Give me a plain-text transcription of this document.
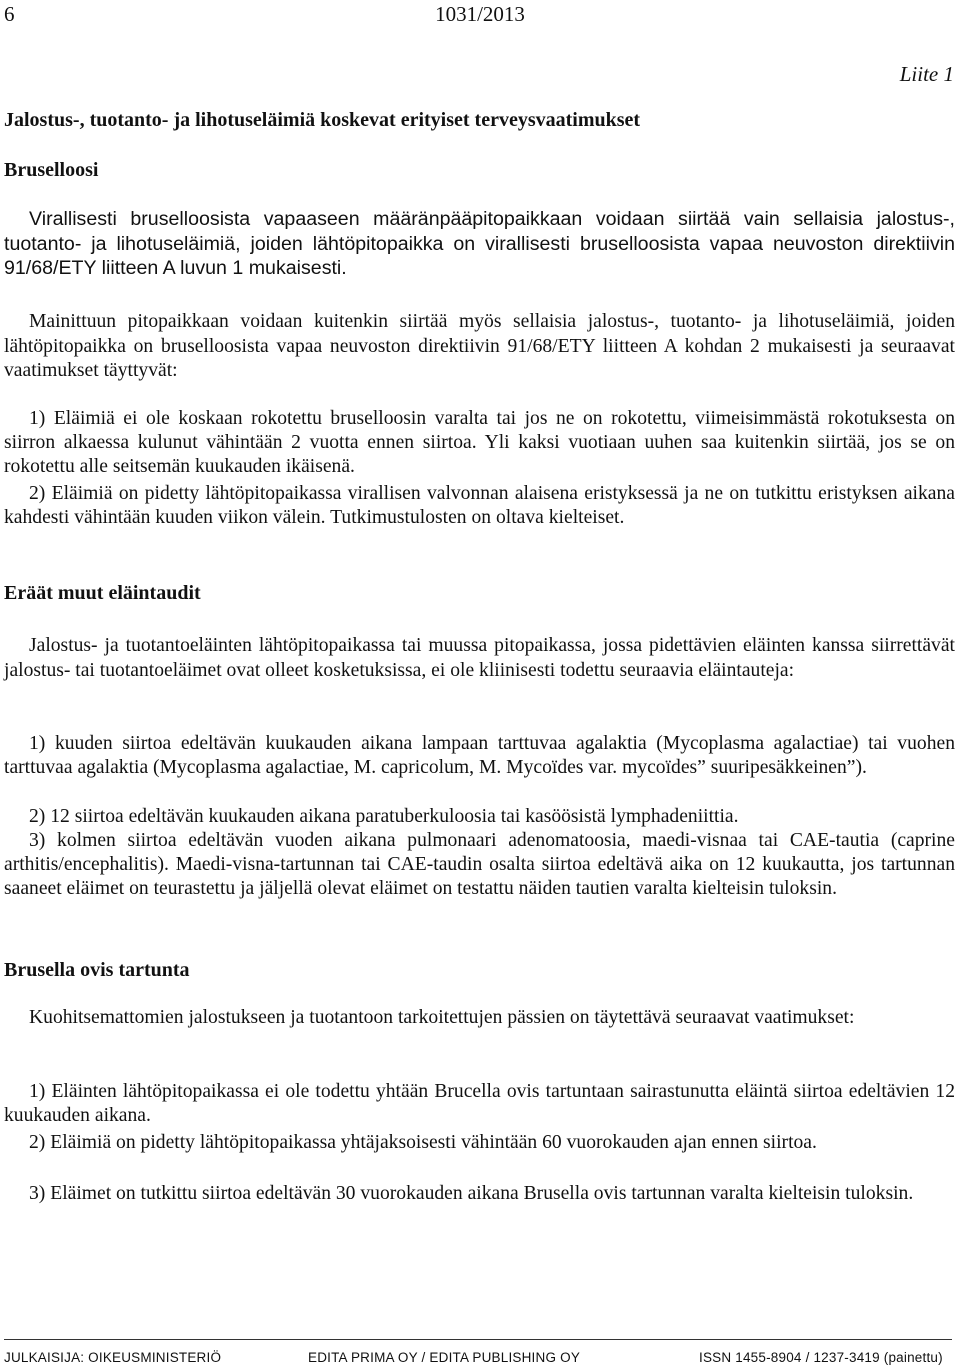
6	1031/2013
Liite 1
Jalostus-, tuotanto- ja lihotuseläimiä koskevat erityiset terveysvaatimukset
Bruselloosi

Virallisesti bruselloosista vapaaseen määränpääpitopaikkaan voidaan siirtää vain sellaisia jalostus-, tuotanto- ja lihotuseläimiä, joiden lähtöpitopaikka on virallisesti bruselloosista vapaa neuvoston direktiivin 91/68/ETY liitteen A luvun 1 mukaisesti.

Mainittuun pitopaikkaan voidaan kuitenkin siirtää myös sellaisia jalostus-, tuotanto- ja lihotuseläimiä, joiden lähtöpitopaikka on bruselloosista vapaa neuvoston direktiivin 91/68/ETY liitteen A kohdan 2 mukaisesti ja seuraavat vaatimukset täyttyvät:

1) Eläimiä ei ole koskaan rokotettu bruselloosin varalta tai jos ne on rokotettu, viimeisimmästä rokotuksesta on siirron alkaessa kulunut vähintään 2 vuotta ennen siirtoa. Yli kaksi vuotiaan uuhen saa kuitenkin siirtää, jos se on rokotettu alle seitsemän kuukauden ikäisenä.

2) Eläimiä on pidetty lähtöpitopaikassa virallisen valvonnan alaisena eristyksessä ja ne on tutkittu eristyksen aikana kahdesti vähintään kuuden viikon välein. Tutkimustulosten on oltava kielteiset.

Eräät muut eläintaudit

Jalostus- ja tuotantoeläinten lähtöpitopaikassa tai muussa pitopaikassa, jossa pidettävien eläinten kanssa siirrettävät jalostus- tai tuotantoeläimet ovat olleet kosketuksissa, ei ole kliinisesti todettu seuraavia eläintauteja:

1) kuuden siirtoa edeltävän kuukauden aikana lampaan tarttuvaa agalaktia (Mycoplasma agalactiae) tai vuohen tarttuvaa agalaktia (Mycoplasma agalactiae, M. capricolum, M. Mycoïdes var. mycoïdes” suuripesäkkeinen”).

2) 12 siirtoa edeltävän kuukauden aikana paratuberkuloosia tai kasöösistä lymphadeniittia.

3) kolmen siirtoa edeltävän vuoden aikana pulmonaari adenomatoosia, maedi-visnaa tai CAE-tautia (caprine arthitis/encephalitis). Maedi-visna-tartunnan tai CAE-taudin osalta siirtoa edeltävä aika on 12 kuukautta, jos tartunnan saaneet eläimet on teurastettu ja jäljellä olevat eläimet on testattu näiden tautien varalta kielteisin tuloksin.

Brusella ovis tartunta

Kuohitsemattomien jalostukseen ja tuotantoon tarkoitettujen pässien on täytettävä seuraavat vaatimukset:

1) Eläinten lähtöpitopaikassa ei ole todettu yhtään Brucella ovis tartuntaan sairastunutta eläintä siirtoa edeltävien 12 kuukauden aikana.

2) Eläimiä on pidetty lähtöpitopaikassa yhtäjaksoisesti vähintään 60 vuorokauden ajan ennen siirtoa.

3) Eläimet on tutkittu siirtoa edeltävän 30 vuorokauden aikana Brusella ovis tartunnan varalta kielteisin tuloksin.

JULKAISIJA: OIKEUSMINISTERIÖ	EDITA PRIMA OY / EDITA PUBLISHING OY	ISSN 1455-8904 / 1237-3419 (painettu)
